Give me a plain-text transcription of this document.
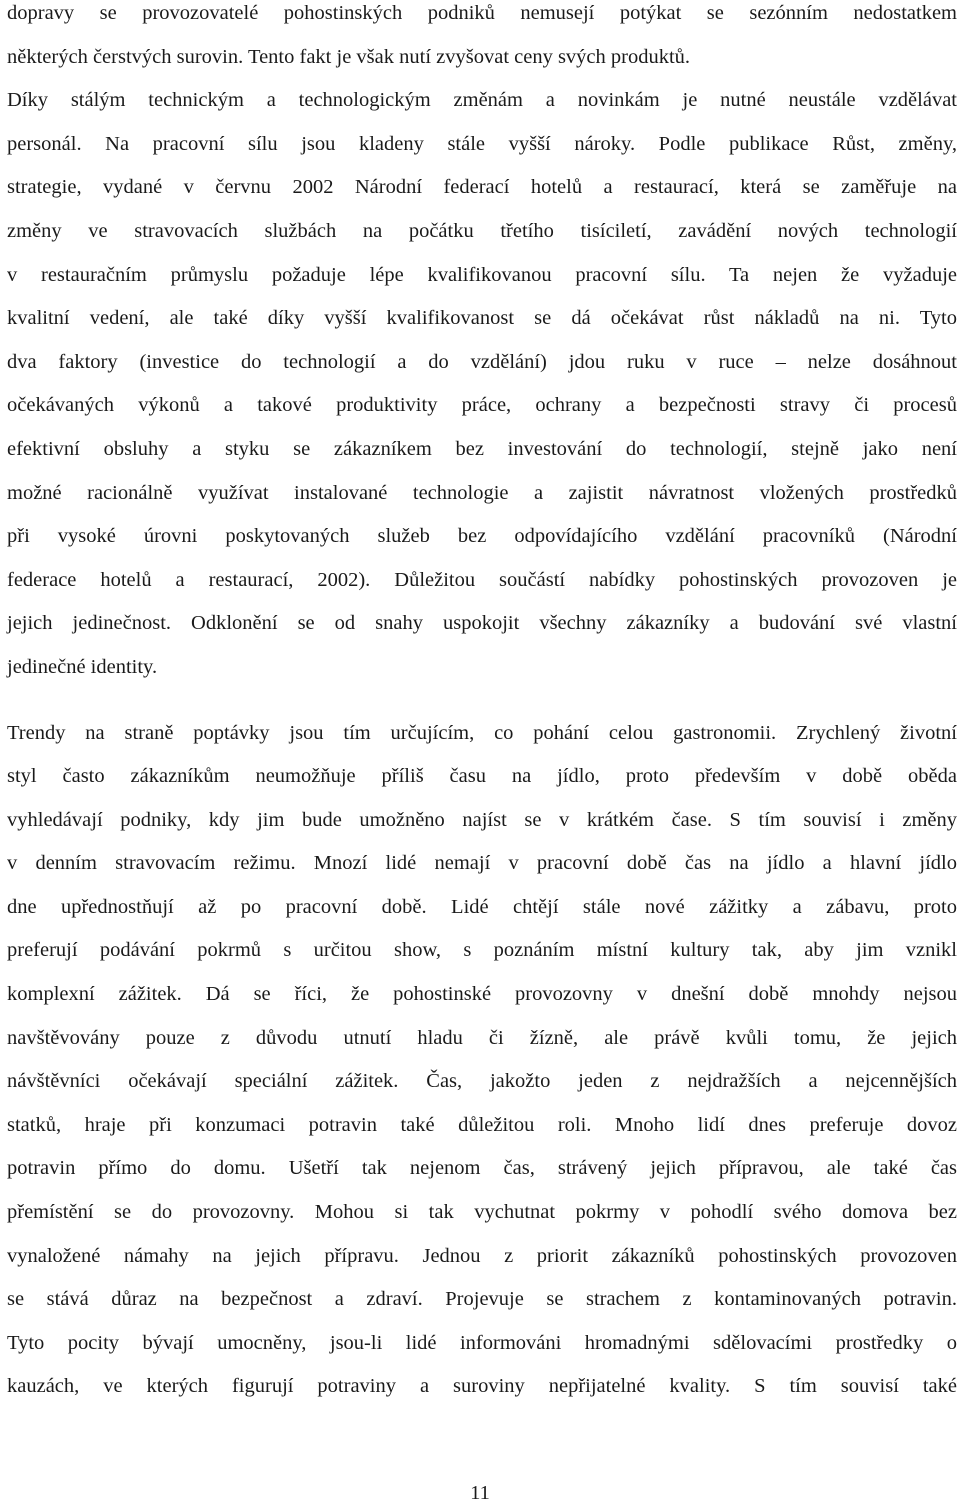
dopravy se provozovatelé pohostinských podniků nemusejí potýkat se sezónním nedostatkem
některých čerstvých surovin. Tento fakt je však nutí zvyšovat ceny svých produktů.
Díky stálým technickým a technologickým změnám a novinkám je nutné neustále vzdělávat
personál. Na pracovní sílu jsou kladeny stále vyšší nároky. Podle publikace Růst, změny,
strategie, vydané v červnu 2002 Národní federací hotelů a restaurací, která se zaměřuje na
změny ve stravovacích službách na počátku třetího tisíciletí, zavádění nových technologií
v restauračním průmyslu požaduje lépe kvalifikovanou pracovní sílu. Ta nejen že vyžaduje
kvalitní vedení, ale také díky vyšší kvalifikovanost se dá očekávat růst nákladů na ni. Tyto
dva faktory (investice do technologií a do vzdělání) jdou ruku v ruce – nelze dosáhnout
očekávaných výkonů a takové produktivity práce, ochrany a bezpečnosti stravy či procesů
efektivní obsluhy a styku se zákazníkem bez investování do technologií, stejně jako není
možné racionálně využívat instalované technologie a zajistit návratnost vložených prostředků
při vysoké úrovni poskytovaných služeb bez odpovídajícího vzdělání pracovníků (Národní
federace hotelů a restaurací, 2002). Důležitou součástí nabídky pohostinských provozoven je
jejich jedinečnost. Odklonění se od snahy uspokojit všechny zákazníky a budování své vlastní
jedinečné identity.
Trendy na straně poptávky jsou tím určujícím, co pohání celou gastronomii. Zrychlený životní
styl často zákazníkům neumožňuje příliš času na jídlo, proto především v době oběda
vyhledávají podniky, kdy jim bude umožněno najíst se v krátkém čase. S tím souvisí i změny
v denním stravovacím režimu. Mnozí lidé nemají v pracovní době čas na jídlo a hlavní jídlo
dne upřednostňují až po pracovní době. Lidé chtějí stále nové zážitky a zábavu, proto
preferují podávání pokrmů s určitou show, s poznáním místní kultury tak, aby jim vznikl
komplexní zážitek. Dá se říci, že pohostinské provozovny v dnešní době mnohdy nejsou
navštěvovány pouze z důvodu utnutí hladu či žízně, ale právě kvůli tomu, že jejich
návštěvníci očekávají speciální zážitek. Čas, jakožto jeden z nejdražších a nejcennějších
statků, hraje při konzumaci potravin také důležitou roli. Mnoho lidí dnes preferuje dovoz
potravin přímo do domu. Ušetří tak nejenom čas, strávený jejich přípravou, ale také čas
přemístění se do provozovny. Mohou si tak vychutnat pokrmy v pohodlí svého domova bez
vynaložené námahy na jejich přípravu. Jednou z priorit zákazníků pohostinských provozoven
se stává důraz na bezpečnost a zdraví. Projevuje se strachem z kontaminovaných potravin.
Tyto pocity bývají umocněny, jsou-li lidé informováni hromadnými sdělovacími prostředky o
kauzách, ve kterých figurují potraviny a suroviny nepřijatelné kvality. S tím souvisí také
11
